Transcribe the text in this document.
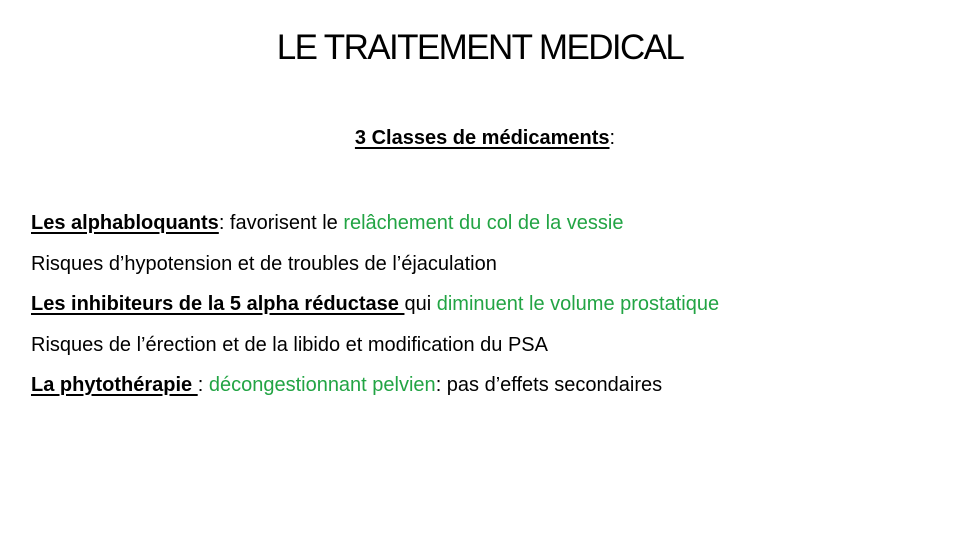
LE TRAITEMENT MEDICAL
3 Classes de médicaments:
Les alphabloquants: favorisent le relâchement du col de la vessie
Risques d’hypotension et de troubles de l’éjaculation
Les inhibiteurs de la 5 alpha réductase qui diminuent le volume prostatique
Risques de l’érection et de la libido et modification du PSA
La phytothérapie : décongestionnant pelvien: pas d’effets secondaires
